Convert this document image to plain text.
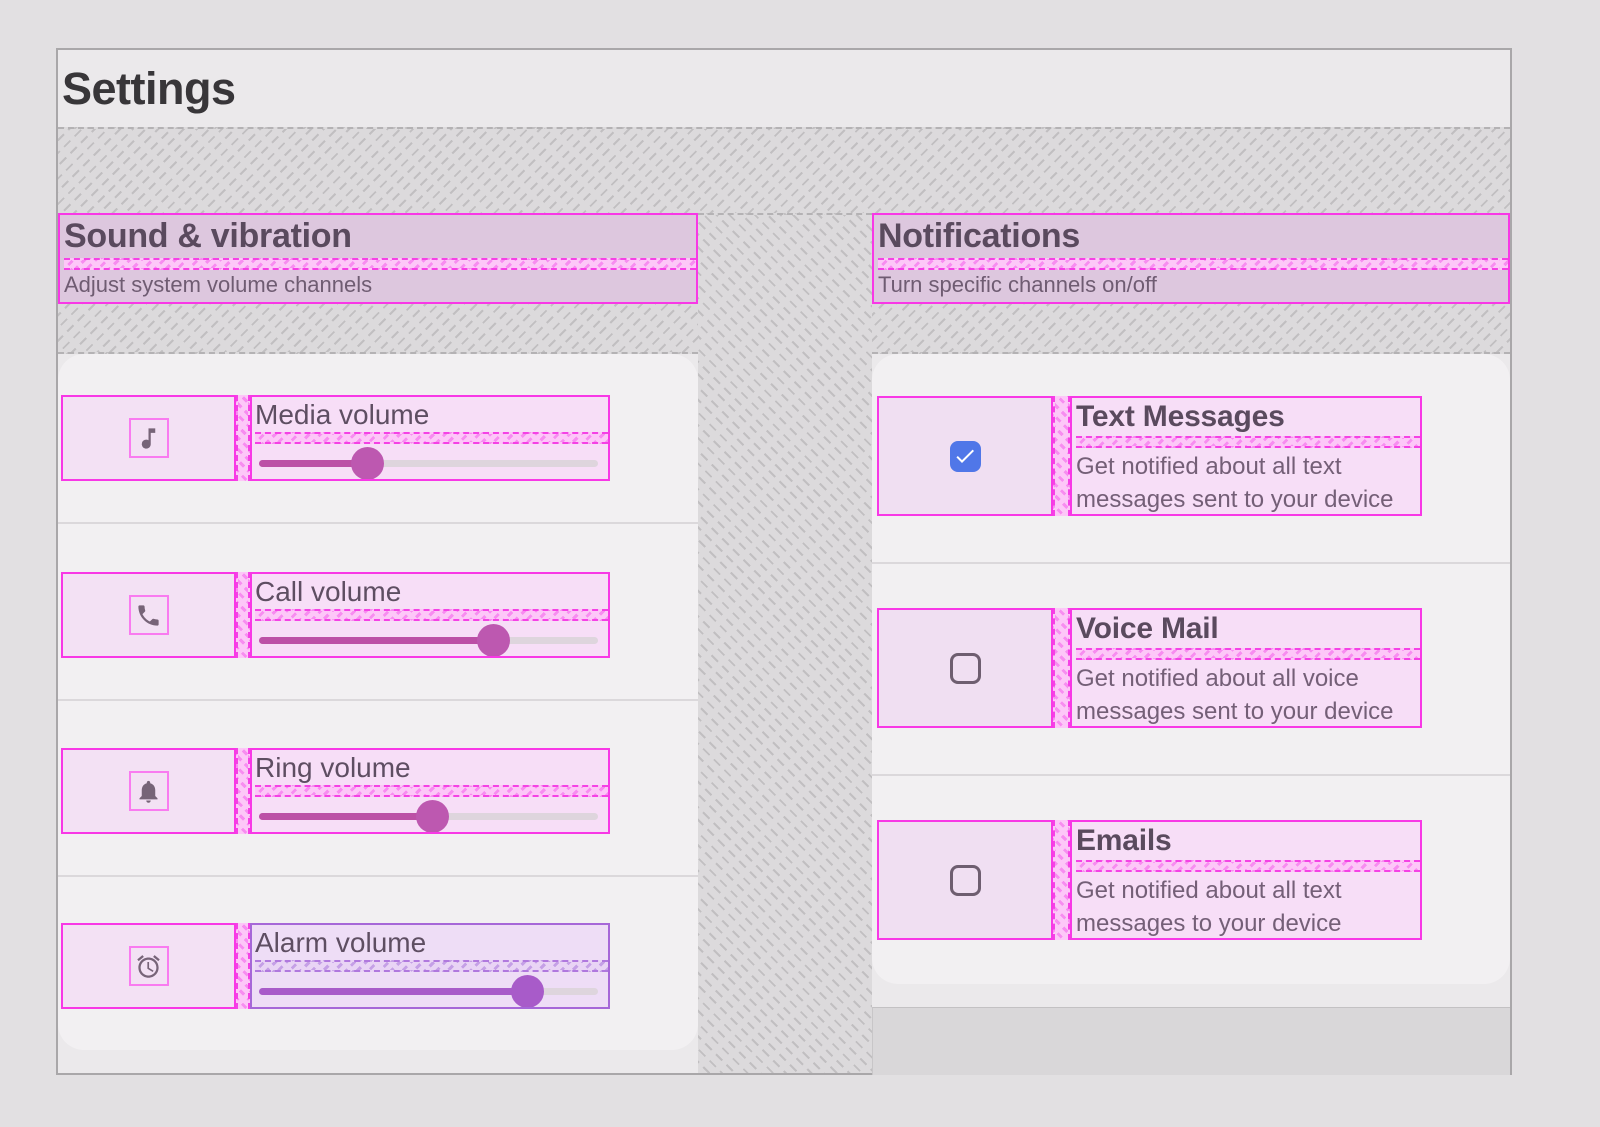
Settings
Sound & vibration
Adjust system volume channels
Media volume
Call volume
Ring volume
Alarm volume
Notifications
Turn specific channels on/off
Text Messages
Get notified about all text messages sent to your device
Voice Mail
Get notified about all voice messages sent to your device
Emails
Get notified about all text messages to your device
